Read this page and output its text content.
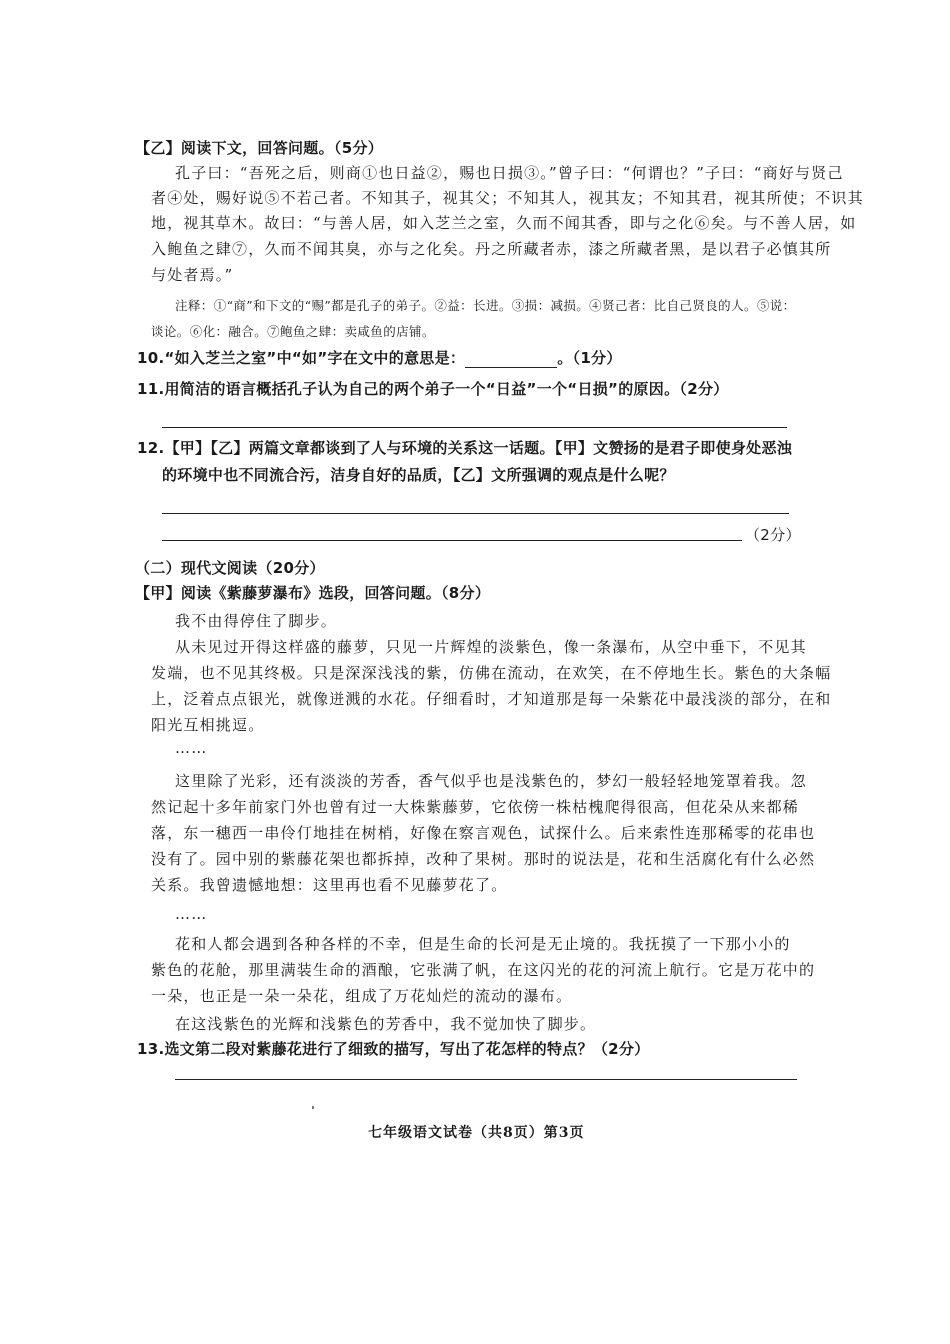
【乙】阅读下文，回答问题。（5分）
孔子曰：“吾死之后，则商①也日益②，赐也日损③。”曾子曰：“何谓也？”子曰：“商好与贤己
者④处，赐好说⑤不若己者。不知其子，视其父；不知其人，视其友；不知其君，视其所使；不识其
地，视其草木。故曰：“与善人居，如入芝兰之室，久而不闻其香，即与之化⑥矣。与不善人居，如
入鲍鱼之肆⑦，久而不闻其臭，亦与之化矣。丹之所藏者赤，漆之所藏者黑，是以君子必慎其所
与处者焉。”
注释：①“商”和下文的“赐”都是孔子的弟子。②益：长进。③损：减损。④贤己者：比自己贤良的人。⑤说：
谈论。⑥化：融合。⑦鲍鱼之肆：卖咸鱼的店铺。
10.“如入芝兰之室”中“如”字在文中的意思是：	。（1分）
11.用简洁的语言概括孔子认为自己的两个弟子一个“日益”一个“日损”的原因。（2分）
12.【甲】【乙】两篇文章都谈到了人与环境的关系这一话题。【甲】文赞扬的是君子即使身处恶浊
的环境中也不同流合污，洁身自好的品质，【乙】文所强调的观点是什么呢？
（2分）
（二）现代文阅读（20分）
【甲】阅读《紫藤萝瀑布》选段，回答问题。（8分）
我不由得停住了脚步。
从未见过开得这样盛的藤萝，只见一片辉煌的淡紫色，像一条瀑布，从空中垂下，不见其
发端，也不见其终极。只是深深浅浅的紫，仿佛在流动，在欢笑，在不停地生长。紫色的大条幅
上，泛着点点银光，就像迸溅的水花。仔细看时，才知道那是每一朵紫花中最浅淡的部分，在和
阳光互相挑逗。
……
这里除了光彩，还有淡淡的芳香，香气似乎也是浅紫色的，梦幻一般轻轻地笼罩着我。忽
然记起十多年前家门外也曾有过一大株紫藤萝，它依傍一株枯槐爬得很高，但花朵从来都稀
落，东一穗西一串伶仃地挂在树梢，好像在察言观色，试探什么。后来索性连那稀零的花串也
没有了。园中别的紫藤花架也都拆掉，改种了果树。那时的说法是，花和生活腐化有什么必然
关系。我曾遗憾地想：这里再也看不见藤萝花了。
……
花和人都会遇到各种各样的不幸，但是生命的长河是无止境的。我抚摸了一下那小小的
紫色的花舱，那里满装生命的酒酿，它张满了帆，在这闪光的花的河流上航行。它是万花中的
一朵，也正是一朵一朵花，组成了万花灿烂的流动的瀑布。
在这浅紫色的光辉和浅紫色的芳香中，我不觉加快了脚步。
13.选文第二段对紫藤花进行了细致的描写，写出了花怎样的特点？（2分）
七年级语文试卷（共8页）第3页
